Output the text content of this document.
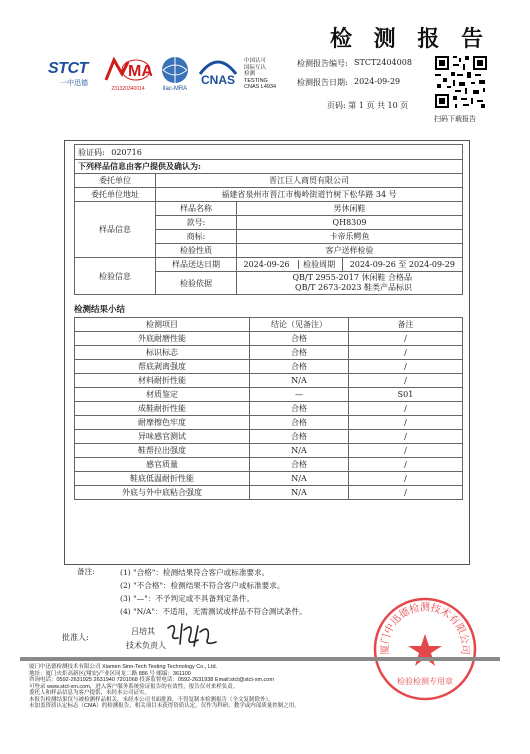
STCT
一中迅德
MA
231320340014	ilac-MRA
CNAS
中国认可
国际互认
检测
TESTING
CNAS L4934
检 测 报 告
检测报告编号: STCT2404008
检测报告日期: 2024-09-29
页码: 第 1 页 共 10 页
扫码下载报告
验证码: 020716			
下列样品信息由客户提供及确认为:			
委托单位	晋江巨人商贸有限公司		
委托单位地址	福建省泉州市晋江市梅岭街道竹树下松华路 34 号		
样品信息	样品名称	男休闲鞋	
	款号:	QH8309	
	商标:	卡帝乐鳄鱼	
	检验性质	客户送样检验	
检验信息	样品送达日期	2024-09-26 检验周期	2024-09-26 至 2024-09-29
	检验依据	QB/T 2955-2017 休闲鞋 合格品
QB/T 2673-2023 鞋类产品标识	
检测结果小结
检测项目	结论（见备注）	备注
外底耐磨性能	合格	/
标识标志	合格	/
帮底剥离强度	合格	/
材料耐折性能	N/A	/
材质鉴定	—	S01
成鞋耐折性能	合格	/
耐摩擦色牢度	合格	/
异味感官测试	合格	/
鞋帮拉出强度	N/A	/
感官质量	合格	/
鞋底低温耐折性能	N/A	/
外底与外中底粘合强度	N/A	/
备注:	(1) "合格"：检测结果符合客户或标准要求。
(2) "不合格"：检测结果不符合客户或标准要求。
(3) "—"：不予判定或不具备判定条件。
(4) "N/A"：不适用，无需测试或样品不符合测试条件。
批准人:
吕培其
技术负责人	厦门中迅德检测技术有限公司
检验检测专用章
厦门中迅德检测技术有限公司 Xiamen Sino-Tech Testing Technology Co., Ltd.
地址：厦门火炬高新区(翔安)产业区同龙二路 886 号 邮编：361100
咨询电话：0592-2631925 2631940 7201068 投诉监督电话：0592-2631938 Email:stct@stct-xm.com
可登录 www.stct-xm.com，进入客户服务系统验证报告的有效性，报告仅对来样负责。
委托人和样品信息为客户提供，未经本公司证实。
本报告检测结果仅与被检测样品相关。未经本公司书面批准，不得复制本检测报告（全文复制除外）。
未加盖资质认定标志（CMA）的检测报告，相关项目未获得资质认定，仅作为科研、教学或内部质量控制之用。
